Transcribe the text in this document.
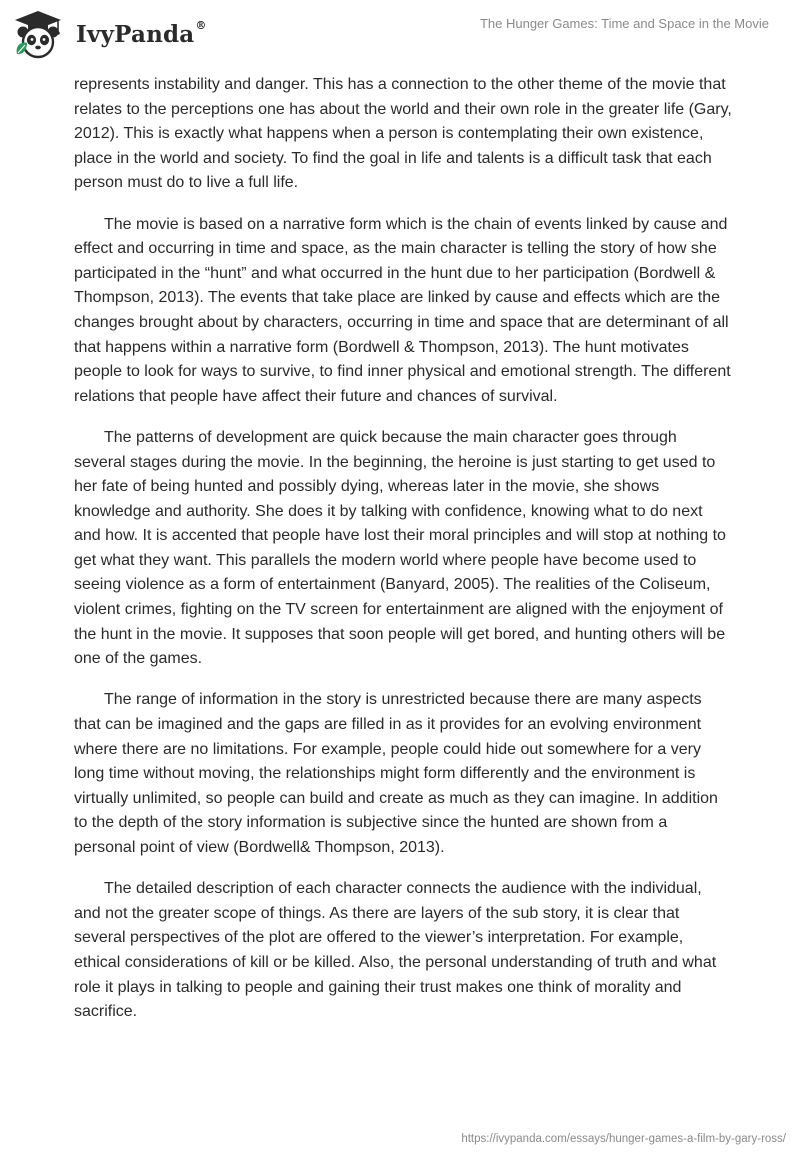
IvyPanda®	The Hunger Games: Time and Space in the Movie

represents instability and danger. This has a connection to the other theme of the movie that relates to the perceptions one has about the world and their own role in the greater life (Gary, 2012). This is exactly what happens when a person is contemplating their own existence, place in the world and society. To find the goal in life and talents is a difficult task that each person must do to live a full life.

The movie is based on a narrative form which is the chain of events linked by cause and effect and occurring in time and space, as the main character is telling the story of how she participated in the “hunt” and what occurred in the hunt due to her participation (Bordwell & Thompson, 2013). The events that take place are linked by cause and effects which are the changes brought about by characters, occurring in time and space that are determinant of all that happens within a narrative form (Bordwell & Thompson, 2013). The hunt motivates people to look for ways to survive, to find inner physical and emotional strength. The different relations that people have affect their future and chances of survival.

The patterns of development are quick because the main character goes through several stages during the movie. In the beginning, the heroine is just starting to get used to her fate of being hunted and possibly dying, whereas later in the movie, she shows knowledge and authority. She does it by talking with confidence, knowing what to do next and how. It is accented that people have lost their moral principles and will stop at nothing to get what they want. This parallels the modern world where people have become used to seeing violence as a form of entertainment (Banyard, 2005). The realities of the Coliseum, violent crimes, fighting on the TV screen for entertainment are aligned with the enjoyment of the hunt in the movie. It supposes that soon people will get bored, and hunting others will be one of the games.

The range of information in the story is unrestricted because there are many aspects that can be imagined and the gaps are filled in as it provides for an evolving environment where there are no limitations. For example, people could hide out somewhere for a very long time without moving, the relationships might form differently and the environment is virtually unlimited, so people can build and create as much as they can imagine. In addition to the depth of the story information is subjective since the hunted are shown from a personal point of view (Bordwell& Thompson, 2013).

The detailed description of each character connects the audience with the individual, and not the greater scope of things. As there are layers of the sub story, it is clear that several perspectives of the plot are offered to the viewer’s interpretation. For example, ethical considerations of kill or be killed. Also, the personal understanding of truth and what role it plays in talking to people and gaining their trust makes one think of morality and sacrifice.

https://ivypanda.com/essays/hunger-games-a-film-by-gary-ross/
